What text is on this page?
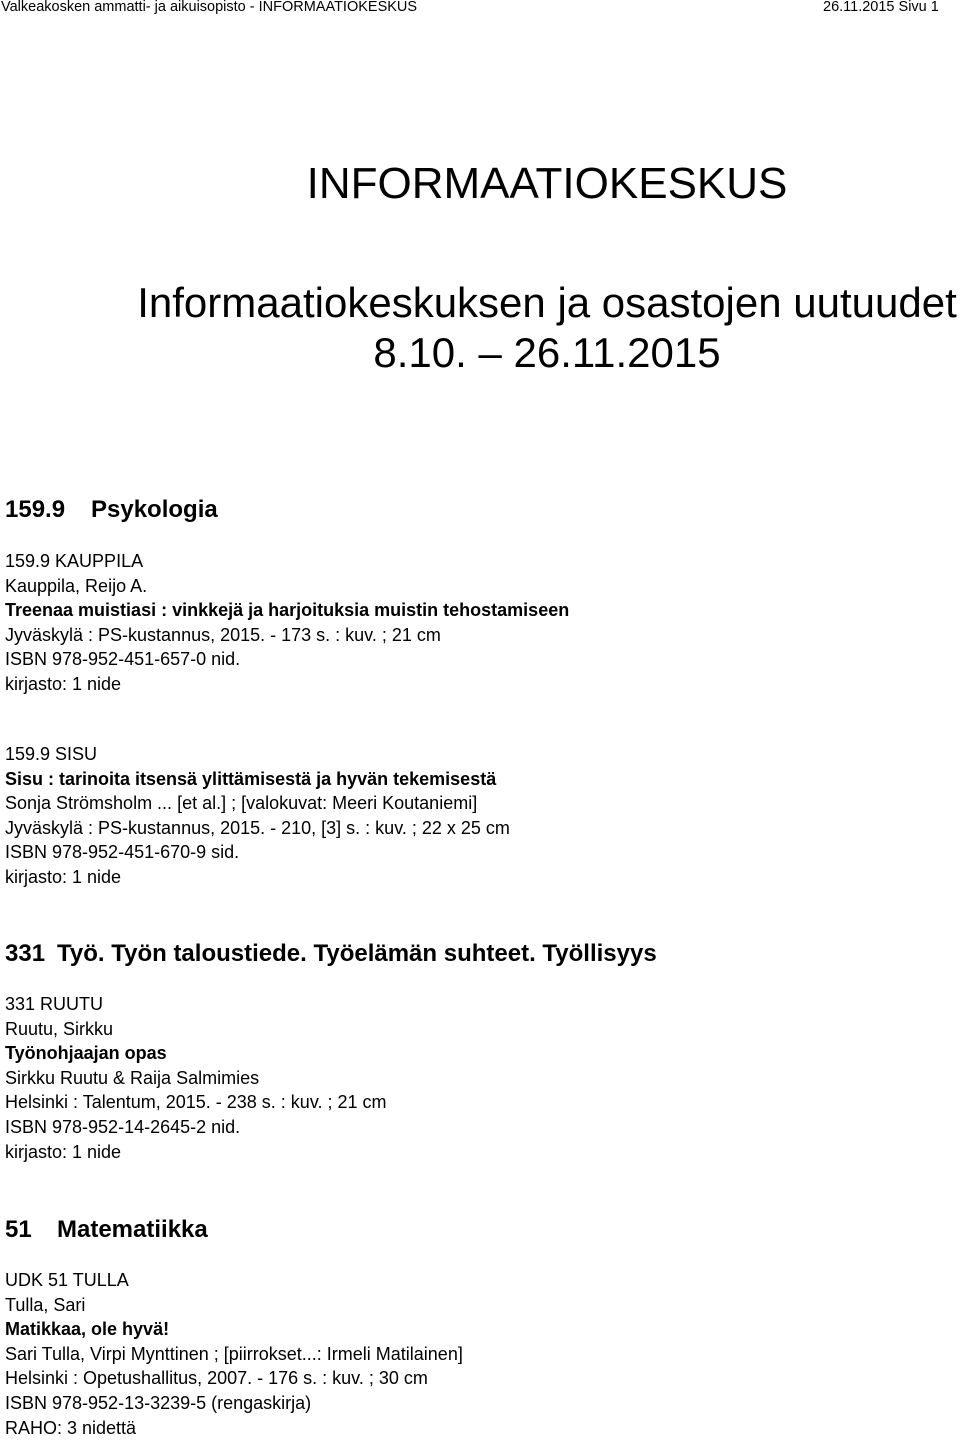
Valkeakosken ammatti- ja aikuisopisto - INFORMAATIOKESKUS	26.11.2015 Sivu 1
INFORMAATIOKESKUS
Informaatiokeskuksen ja osastojen uutuudet
8.10. – 26.11.2015
159.9 Psykologia
159.9 KAUPPILA
Kauppila, Reijo A.
Treenaa muistiasi : vinkkejä ja harjoituksia muistin tehostamiseen
Jyväskylä : PS-kustannus, 2015. - 173 s. : kuv. ; 21 cm
ISBN 978-952-451-657-0 nid.
kirjasto: 1 nide
159.9 SISU
Sisu : tarinoita itsensä ylittämisestä ja hyvän tekemisestä
Sonja Strömsholm ... [et al.] ; [valokuvat: Meeri Koutaniemi]
Jyväskylä : PS-kustannus, 2015. - 210, [3] s. : kuv. ; 22 x 25 cm
ISBN 978-952-451-670-9 sid.
kirjasto: 1 nide
331 Työ. Työn taloustiede. Työelämän suhteet. Työllisyys
331 RUUTU
Ruutu, Sirkku
Työnohjaajan opas
Sirkku Ruutu & Raija Salmimies
Helsinki : Talentum, 2015. - 238 s. : kuv. ; 21 cm
ISBN 978-952-14-2645-2 nid.
kirjasto: 1 nide
51 Matematiikka
UDK 51 TULLA
Tulla, Sari
Matikkaa, ole hyvä!
Sari Tulla, Virpi Mynttinen ; [piirrokset...: Irmeli Matilainen]
Helsinki : Opetushallitus, 2007. - 176 s. : kuv. ; 30 cm
ISBN 978-952-13-3239-5 (rengaskirja)
RAHO: 3 nidettä
